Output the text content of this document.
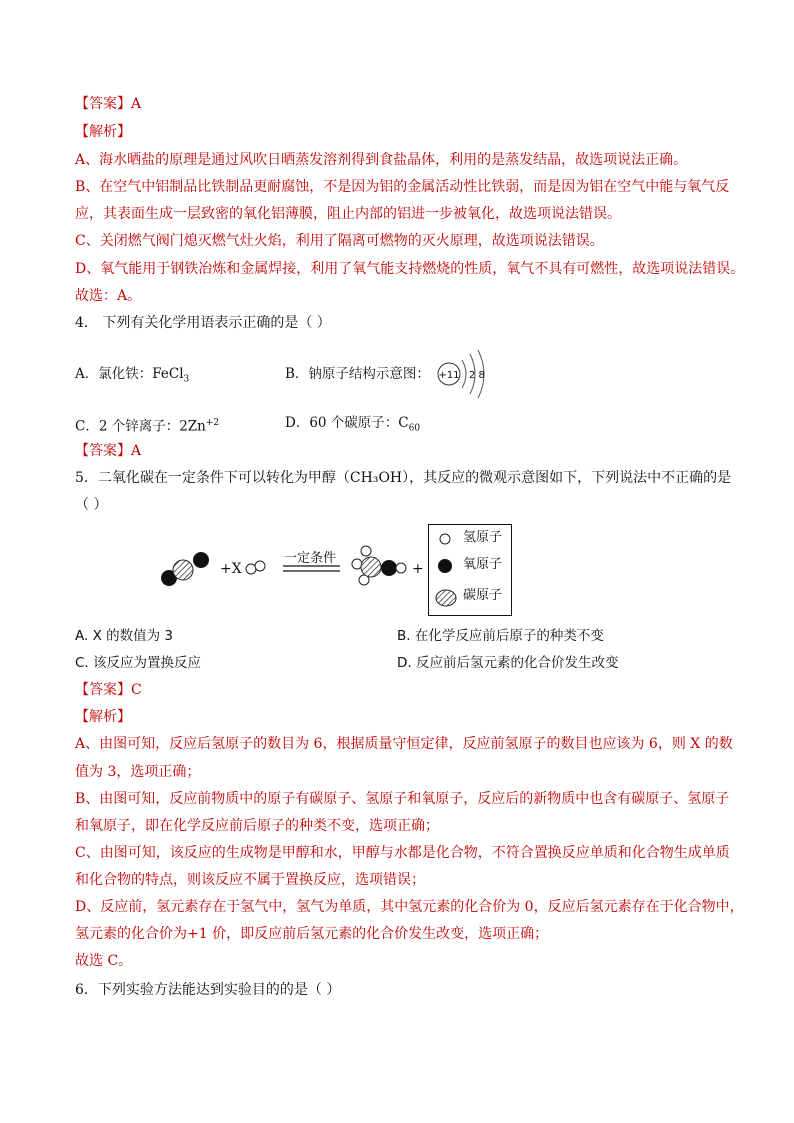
【答案】A
【解析】
A、海水晒盐的原理是通过风吹日晒蒸发溶剂得到食盐晶体，利用的是蒸发结晶，故选项说法正确。
B、在空气中铝制品比铁制品更耐腐蚀，不是因为铝的金属活动性比铁弱，而是因为铝在空气中能与氧气反
应，其表面生成一层致密的氧化铝薄膜，阻止内部的铝进一步被氧化，故选项说法错误。
C、关闭燃气阀门熄灭燃气灶火焰，利用了隔离可燃物的灭火原理，故选项说法错误。
D、氧气能用于钢铁冶炼和金属焊接，利用了氧气能支持燃烧的性质，氧气不具有可燃性，故选项说法错误。
故选：A。
4． 下列有关化学用语表示正确的是（ ）
A．氯化铁：FeCl$_3$	B．钠原子结构示意图： +11 2 8
C．2 个锌离子：$2Zn^{+2}$	D．60 个碳原子：$C_{60}$
【答案】A
5．二氧化碳在一定条件下可以转化为甲醇（CH₃OH），其反应的微观示意图如下，下列说法中不正确的是
（ ）
+X
一定条件
+
氢原子
氧原子
碳原子
A. X 的数值为 3	B. 在化学反应前后原子的种类不变
C. 该反应为置换反应	D. 反应前后氢元素的化合价发生改变
【答案】C
【解析】
A、由图可知，反应后氢原子的数目为 6，根据质量守恒定律，反应前氢原子的数目也应该为 6，则 X 的数
值为 3，选项正确；
B、由图可知，反应前物质中的原子有碳原子、氢原子和氧原子，反应后的新物质中也含有碳原子、氢原子
和氧原子，即在化学反应前后原子的种类不变，选项正确；
C、由图可知，该反应的生成物是甲醇和水，甲醇与水都是化合物，不符合置换反应单质和化合物生成单质
和化合物的特点，则该反应不属于置换反应，选项错误；
D、反应前，氢元素存在于氢气中，氢气为单质，其中氢元素的化合价为 0，反应后氢元素存在于化合物中，
氢元素的化合价为+1 价，即反应前后氢元素的化合价发生改变，选项正确；
故选 C。
6．下列实验方法能达到实验目的的是（ ）
